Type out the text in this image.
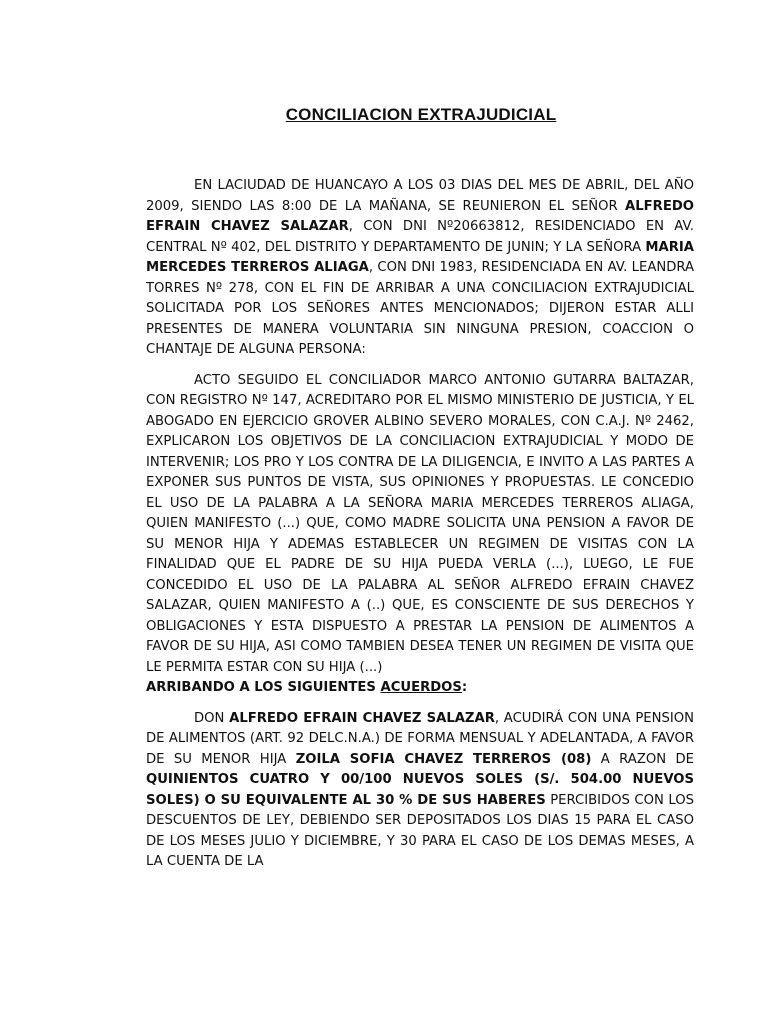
CONCILIACION EXTRAJUDICIAL

EN LACIUDAD DE HUANCAYO A LOS 03 DIAS DEL MES DE ABRIL, DEL AÑO 2009, SIENDO LAS 8:00 DE LA MAÑANA, SE REUNIERON EL SEÑOR ALFREDO EFRAIN CHAVEZ SALAZAR, CON DNI Nº20663812, RESIDENCIADO EN AV. CENTRAL Nº 402, DEL DISTRITO Y DEPARTAMENTO DE JUNIN; Y LA SEÑORA MARIA MERCEDES TERREROS ALIAGA, CON DNI 1983, RESIDENCIADA EN AV. LEANDRA TORRES Nº 278, CON EL FIN DE ARRIBAR A UNA CONCILIACION EXTRAJUDICIAL SOLICITADA POR LOS SEÑORES ANTES MENCIONADOS; DIJERON ESTAR ALLI PRESENTES DE MANERA VOLUNTARIA SIN NINGUNA PRESION, COACCION O CHANTAJE DE ALGUNA PERSONA:

ACTO SEGUIDO EL CONCILIADOR MARCO ANTONIO GUTARRA BALTAZAR, CON REGISTRO Nº 147, ACREDITARO POR EL MISMO MINISTERIO DE JUSTICIA, Y EL ABOGADO EN EJERCICIO GROVER ALBINO SEVERO MORALES, CON C.A.J. Nº 2462, EXPLICARON LOS OBJETIVOS DE LA CONCILIACION EXTRAJUDICIAL Y MODO DE INTERVENIR; LOS PRO Y LOS CONTRA DE LA DILIGENCIA, E INVITO A LAS PARTES A EXPONER SUS PUNTOS DE VISTA, SUS OPINIONES Y PROPUESTAS. LE CONCEDIO EL USO DE LA PALABRA A LA SEÑORA MARIA MERCEDES TERREROS ALIAGA, QUIEN MANIFESTO (...) QUE, COMO MADRE SOLICITA UNA PENSION A FAVOR DE SU MENOR HIJA Y ADEMAS ESTABLECER UN REGIMEN DE VISITAS CON LA FINALIDAD QUE EL PADRE DE SU HIJA PUEDA VERLA (...), LUEGO, LE FUE CONCEDIDO EL USO DE LA PALABRA AL SEÑOR ALFREDO EFRAIN CHAVEZ SALAZAR, QUIEN MANIFESTO A (..) QUE, ES CONSCIENTE DE SUS DERECHOS Y OBLIGACIONES Y ESTA DISPUESTO A PRESTAR LA PENSION DE ALIMENTOS A FAVOR DE SU HIJA, ASI COMO TAMBIEN DESEA TENER UN REGIMEN DE VISITA QUE LE PERMITA ESTAR CON SU HIJA (...)

ARRIBANDO A LOS SIGUIENTES ACUERDOS:

DON ALFREDO EFRAIN CHAVEZ SALAZAR, ACUDIRÁ CON UNA PENSION DE ALIMENTOS (ART. 92 DELC.N.A.) DE FORMA MENSUAL Y ADELANTADA, A FAVOR DE SU MENOR HIJA ZOILA SOFIA CHAVEZ TERREROS (08) A RAZON DE QUINIENTOS CUATRO Y 00/100 NUEVOS SOLES (S/. 504.00 NUEVOS SOLES) O SU EQUIVALENTE AL 30 % DE SUS HABERES PERCIBIDOS CON LOS DESCUENTOS DE LEY, DEBIENDO SER DEPOSITADOS LOS DIAS 15 PARA EL CASO DE LOS MESES JULIO Y DICIEMBRE, Y 30 PARA EL CASO DE LOS DEMAS MESES, A LA CUENTA DE LA
